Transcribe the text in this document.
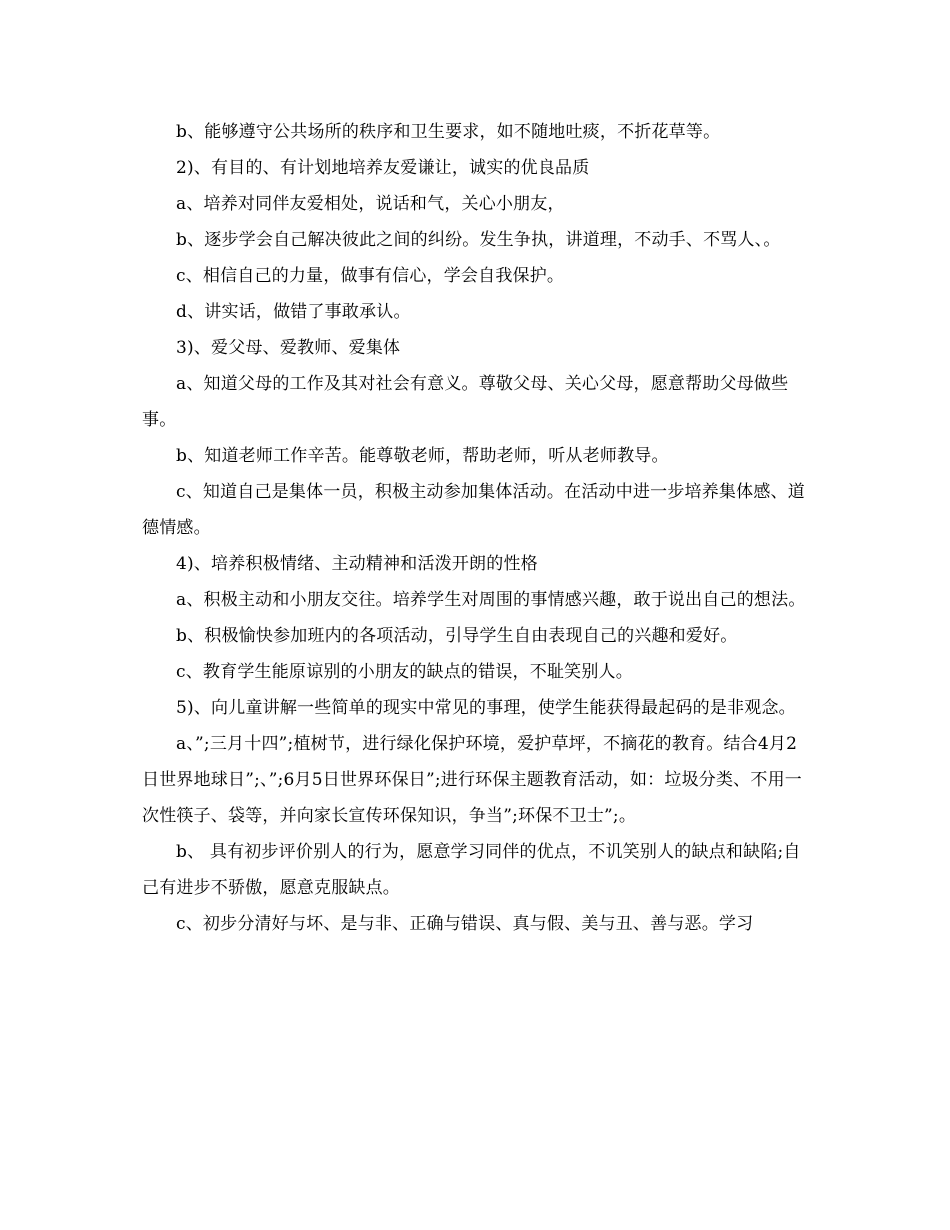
b、能够遵守公共场所的秩序和卫生要求，如不随地吐痰，不折花草等。

2)、有目的、有计划地培养友爱谦让，诚实的优良品质

a、培养对同伴友爱相处，说话和气，关心小朋友，

b、逐步学会自己解决彼此之间的纠纷。发生争执，讲道理，不动手、不骂人、。

c、相信自己的力量，做事有信心，学会自我保护。

d、讲实话，做错了事敢承认。

3)、爱父母、爱教师、爱集体

a、知道父母的工作及其对社会有意义。尊敬父母、关心父母，愿意帮助父母做些事。

b、知道老师工作辛苦。能尊敬老师，帮助老师，听从老师教导。

c、知道自己是集体一员，积极主动参加集体活动。在活动中进一步培养集体感、道德情感。

4)、培养积极情绪、主动精神和活泼开朗的性格

a、积极主动和小朋友交往。培养学生对周围的事情感兴趣，敢于说出自己的想法。

b、积极愉快参加班内的各项活动，引导学生自由表现自己的兴趣和爱好。

c、教育学生能原谅别的小朋友的缺点的错误，不耻笑别人。

5)、向儿童讲解一些简单的现实中常见的事理，使学生能获得最起码的是非观念。

a、”;三月十四”;植树节，进行绿化保护环境，爱护草坪，不摘花的教育。结合4月2日世界地球日”;、”;6月5日世界环保日”;进行环保主题教育活动，如：垃圾分类、不用一次性筷子、袋等，并向家长宣传环保知识，争当”;环保不卫士”;。

b、 具有初步评价别人的行为，愿意学习同伴的优点，不讥笑别人的缺点和缺陷;自己有进步不骄傲，愿意克服缺点。

c、初步分清好与坏、是与非、正确与错误、真与假、美与丑、善与恶。学习
